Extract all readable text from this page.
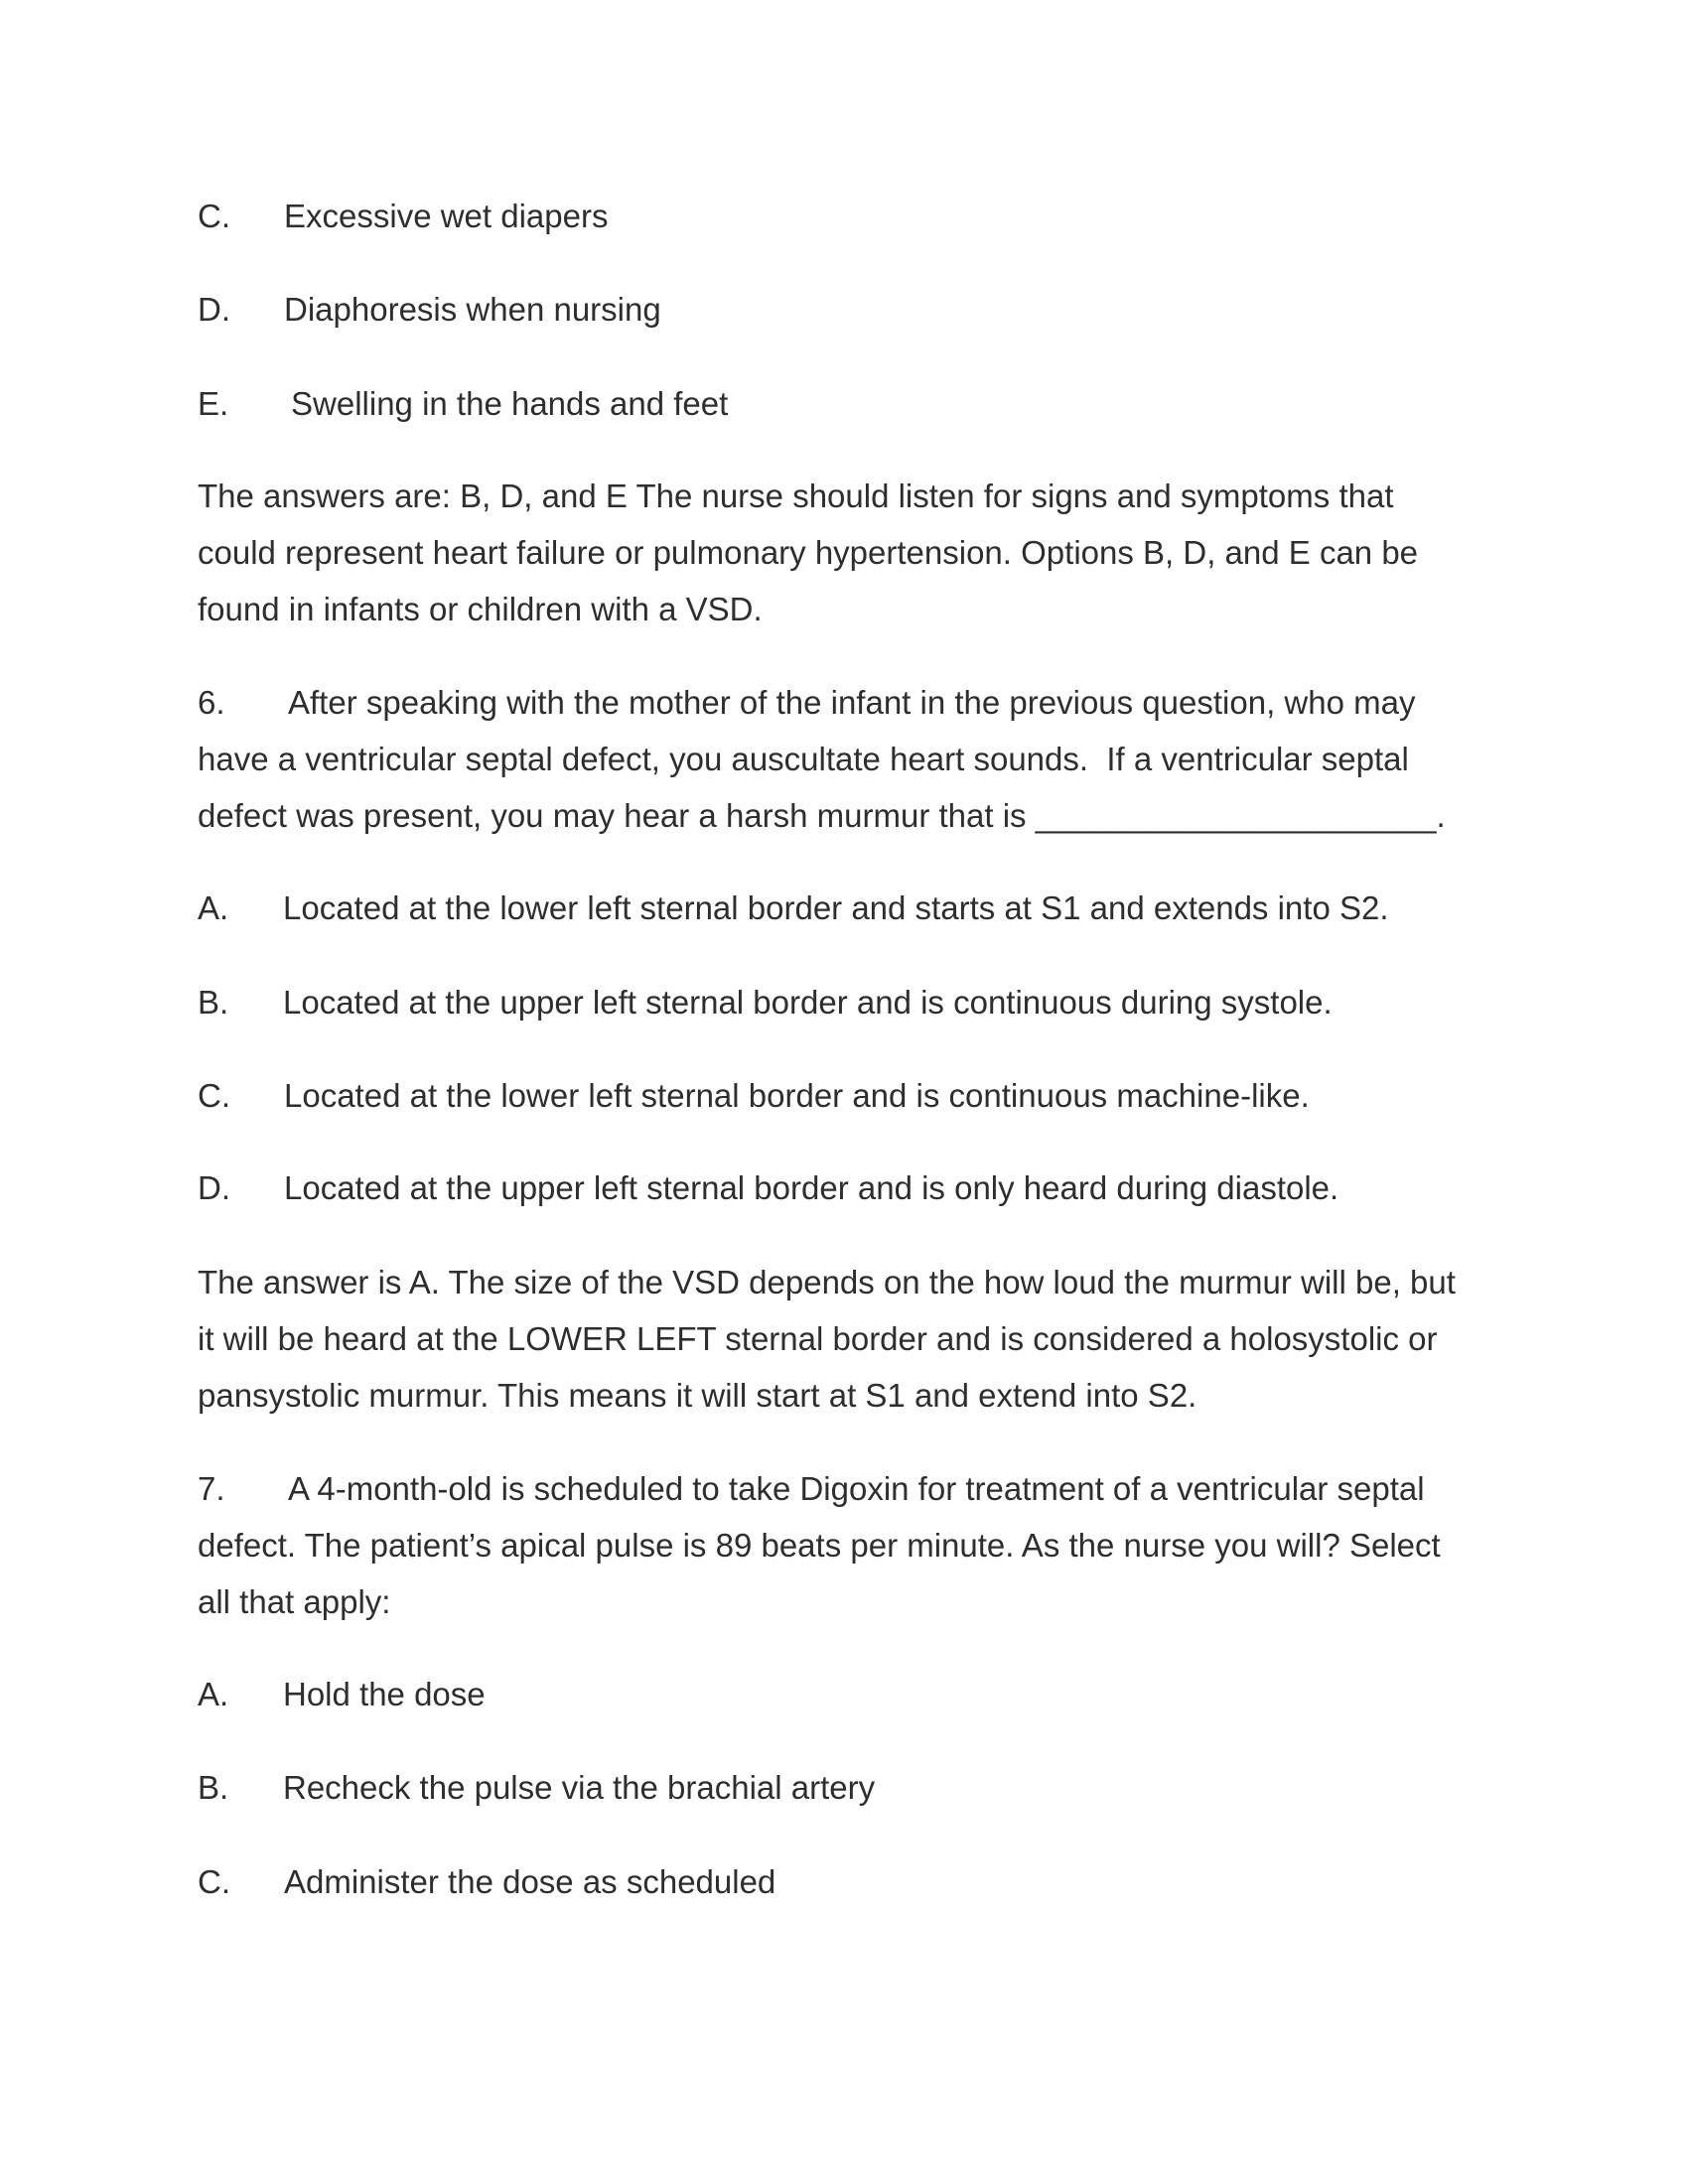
C. Excessive wet diapers
D. Diaphoresis when nursing
E. Swelling in the hands and feet
The answers are: B, D, and E The nurse should listen for signs and symptoms that
could represent heart failure or pulmonary hypertension. Options B, D, and E can be
found in infants or children with a VSD.
6. After speaking with the mother of the infant in the previous question, who may
have a ventricular septal defect, you auscultate heart sounds.  If a ventricular septal
defect was present, you may hear a harsh murmur that is ______________________.
A. Located at the lower left sternal border and starts at S1 and extends into S2.
B. Located at the upper left sternal border and is continuous during systole.
C. Located at the lower left sternal border and is continuous machine-like.
D. Located at the upper left sternal border and is only heard during diastole.
The answer is A. The size of the VSD depends on the how loud the murmur will be, but
it will be heard at the LOWER LEFT sternal border and is considered a holosystolic or
pansystolic murmur. This means it will start at S1 and extend into S2.
7. A 4-month-old is scheduled to take Digoxin for treatment of a ventricular septal
defect. The patient’s apical pulse is 89 beats per minute. As the nurse you will? Select
all that apply:
A. Hold the dose
B. Recheck the pulse via the brachial artery
C. Administer the dose as scheduled
